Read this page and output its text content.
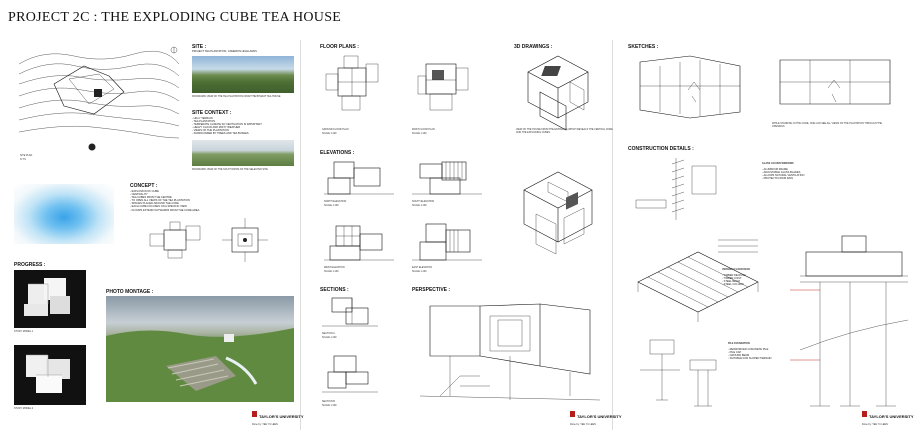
PROJECT 2C : THE EXPLODING CUBE TEA HOUSE
SITE PLAN
N.T.S
SITE :
PROJECT TEA PLANTATION, CAMERON HIGHLANDS
PANORAMIC VIEW OF THE TEA PLANTATION FROM THE BHARAT TEA HOUSE
SITE CONTEXT :
- HILLY TERRAIN
- TEA PLANTATION
- TEMPERATE CLIMATE SO VENTILATION IS IMPORTANT
- HEAVY CLOUD AND MISTY WEATHER
- VIEWS OF THE PLANTATION
- SURROUNDED BY TREES AND TEA BUSHES
PANORAMIC VIEW OF THE SOUTH FROM OF THE SELECTED SITE
CONCEPT :
- EXPLOSION OF CUBE
- CENTRALITY
- TEA CUBES FROM THE CENTRE
- TO OPEN ALL VIEWS OF THE TEA PLANTATION
- SPACES PLACED AROUND THE CORE
- EACH CUBE FOCUSES ON A SPECIFIC VIEW
- FLOORS EXTEND OUTWARDS FROM THE CORE AREA
PROGRESS :
STUDY MODEL 1
STUDY MODEL 2
PHOTO MONTAGE :
TAYLOR'S UNIVERSITY
Done by: YEE YU LEEN
FLOOR PLANS :
GROUND FLOOR PLAN
SCALE 1:100
FIRST FLOOR PLAN
SCALE 1:100
ELEVATIONS :
NORTH ELEVATION
SCALE 1:100
SOUTH ELEVATION
SCALE 1:100
WEST ELEVATION
SCALE 1:100
EAST ELEVATION
SCALE 1:100
SECTIONS :
SECTION A
SCALE 1:100
SECTION B
SCALE 1:100
PERSPECTIVE :
3D DRAWINGS :
VIEW OF THE HOUSE FROM THE ENTRANCE WHICH REVEALS THE CENTRAL CORE AND THE EXPLODING CUBES
TAYLOR'S UNIVERSITY
Done by: YEE YU LEEN
SKETCHES :
WHILE STANDING IN THE CORE, ONE CAN SEE ALL VIEWS OF THE PLANTATION THROUGH THE OPENINGS
CONSTRUCTION DETAILS :
GLASS LOUVER WINDOWS
- ALUMINIUM FRAME
- ADJUSTABLE GLASS BLADES
- ALLOWS NATURAL VENTILATION
- PROTECTS FROM RAIN
VERANDA FLOOR DECK
- TIMBER DECKING
- TIMBER JOIST
- STEEL BEAM
- STEEL COLUMN
PILE FOUNDATION
- REINFORCED CONCRETE PILE
- PILE CAP
- GROUND BEAM
- SUITABLE FOR SLOPED TERRAIN
TAYLOR'S UNIVERSITY
Done by: YEE YU LEEN
